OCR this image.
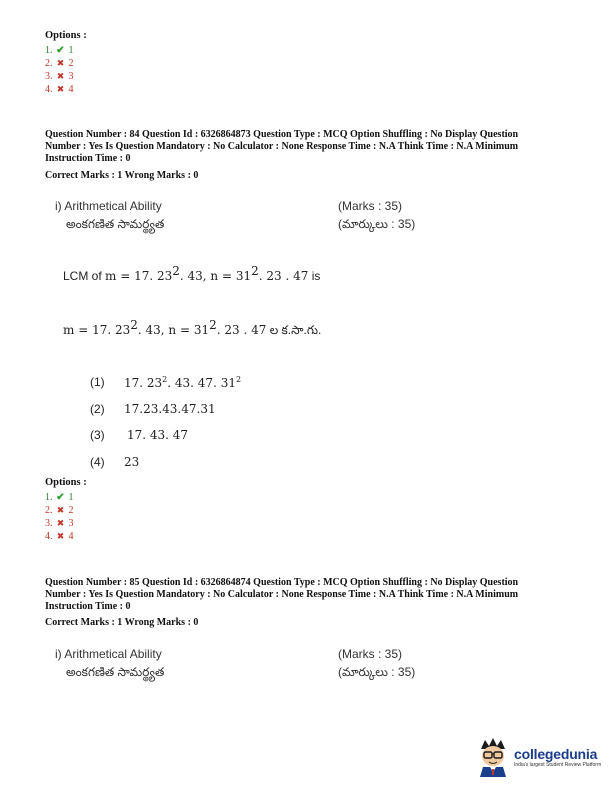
Options :
1. ✔ 1
2. ✖ 2
3. ✖ 3
4. ✖ 4
Question Number : 84 Question Id : 6326864873 Question Type : MCQ Option Shuffling : No Display Question
Number : Yes Is Question Mandatory : No Calculator : None Response Time : N.A Think Time : N.A Minimum
Instruction Time : 0
Correct Marks : 1 Wrong Marks : 0
i) Arithmetical Ability
అంకగణిత సామర్థ్యత
(Marks : 35)
(మార్కులు : 35)
LCM of m = 17. $23^2$. 43, $n = 31^2$. 23 . 47 is
m = 17. $23^2$. 43, $n = 31^2$. 23 . 47 ల క.సా.గు.
(1)	17. $23^2$. 43. 47. $31^2$
(2)	17.23.43.47.31
(3)	17. 43. 47
(4)	23
Options :
1. ✔ 1
2. ✖ 2
3. ✖ 3
4. ✖ 4
Question Number : 85 Question Id : 6326864874 Question Type : MCQ Option Shuffling : No Display Question
Number : Yes Is Question Mandatory : No Calculator : None Response Time : N.A Think Time : N.A Minimum
Instruction Time : 0
Correct Marks : 1 Wrong Marks : 0
i) Arithmetical Ability
అంకగణిత సామర్థ్యత
(Marks : 35)
(మార్కులు : 35)
collegedunia
India's largest Student Review Platform
